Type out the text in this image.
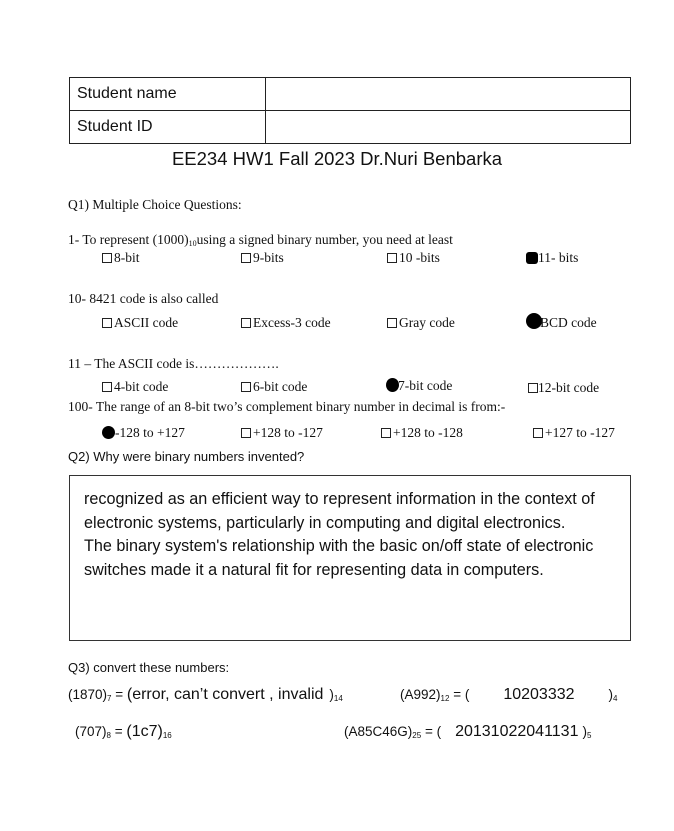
Student name	
Student ID	
EE234 HW1 Fall 2023 Dr.Nuri Benbarka
Q1) Multiple Choice Questions:
1- To represent $(1000)_{10}using$ a signed binary number, you need at least
8-bit	9-bits	10 -bits	11- bits
10- 8421 code is also called
ASCII code	Excess-3 code	Gray code	BCD code
11 – The ASCII code is……………….
4-bit code	6-bit code	7-bit code	12-bit code
100- The range of an 8-bit two’s complement binary number in decimal is from:-
-128 to +127	+128 to -127	+128 to -128	+127 to -127
Q2) Why were binary numbers invented?
recognized as an efficient way to represent information in the context of
electronic systems, particularly in computing and digital electronics.
The binary system's relationship with the basic on/off state of electronic
switches made it a natural fit for representing data in computers.
Q3) convert these numbers:
$(1870)_7$ = (error, can’t convert , invalid )$_{14}$	$(A992)_{12}$ = ( 10203332	)$_4$
$(707)_8 = (1c7)_{16}$	$(A85C46G)_{25}$ = ( 20131022041131 )$_5$
